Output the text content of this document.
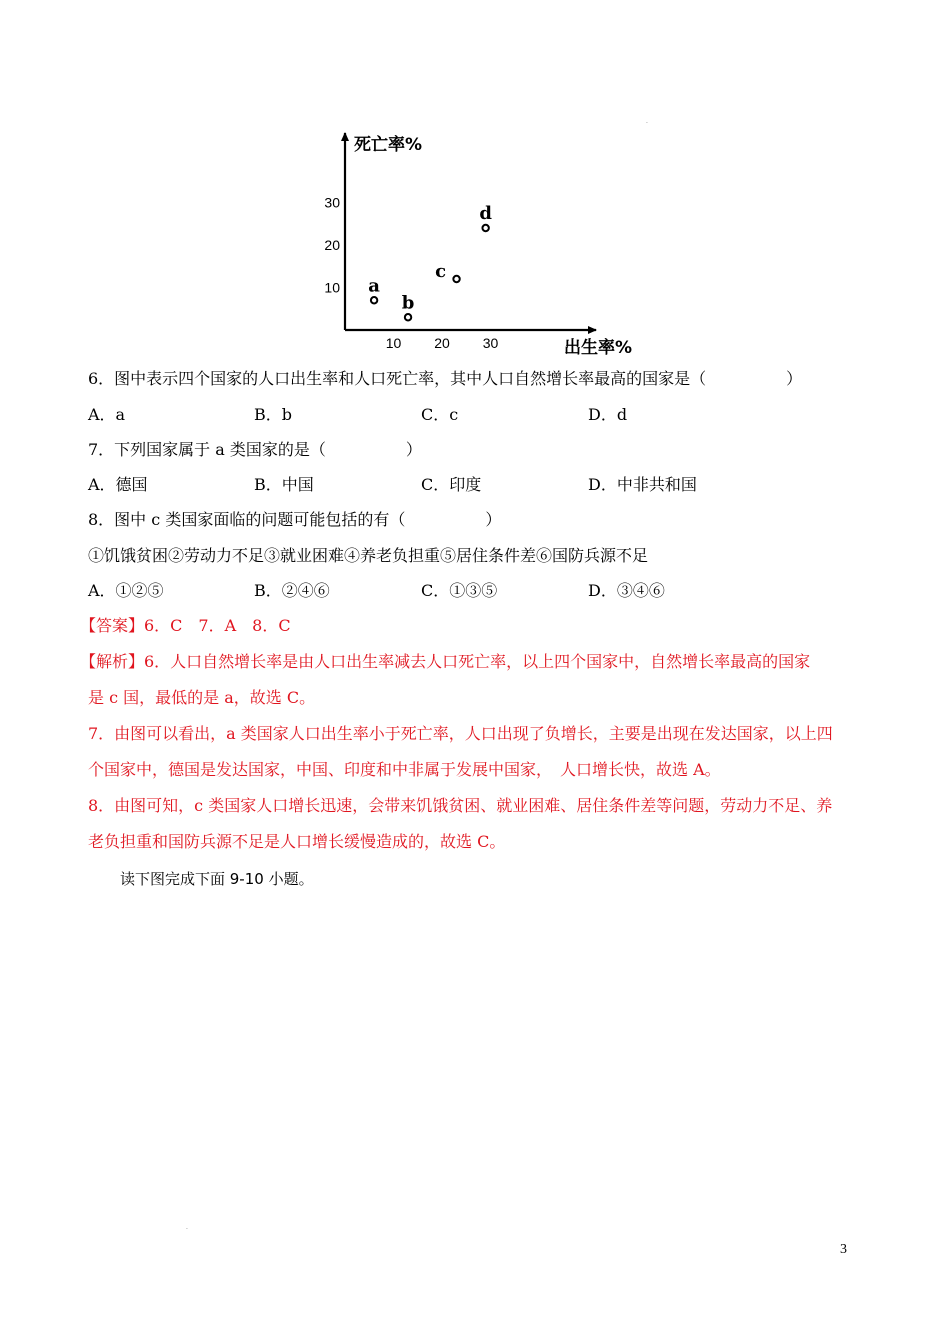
死亡率%
出生率%
10 20 30
10
20
30
a
b
c
d
6．图中表示四个国家的人口出生率和人口死亡率，其中人口自然增长率最高的国家是（　　　　　）
A．a	B．b	C．c	D．d
7．下列国家属于 a 类国家的是（　　　　　）
A．德国	B．中国	C．印度	D．中非共和国
8．图中 c 类国家面临的问题可能包括的有（　　　　　）
①饥饿贫困②劳动力不足③就业困难④养老负担重⑤居住条件差⑥国防兵源不足
A．①②⑤	B．②④⑥	C．①③⑤	D．③④⑥
【答案】6．C　7．A　8．C
【解析】6．人口自然增长率是由人口出生率减去人口死亡率，以上四个国家中，自然增长率最高的国家
是 c 国，最低的是 a，故选 C。
7．由图可以看出，a 类国家人口出生率小于死亡率，人口出现了负增长，主要是出现在发达国家，以上四
个国家中，德国是发达国家，中国、印度和中非属于发展中国家，　人口增长快，故选 A。
8．由图可知，c 类国家人口增长迅速，会带来饥饿贫困、就业困难、居住条件差等问题，劳动力不足、养
老负担重和国防兵源不足是人口增长缓慢造成的，故选 C。
读下图完成下面 9-10 小题。
3
.
.
